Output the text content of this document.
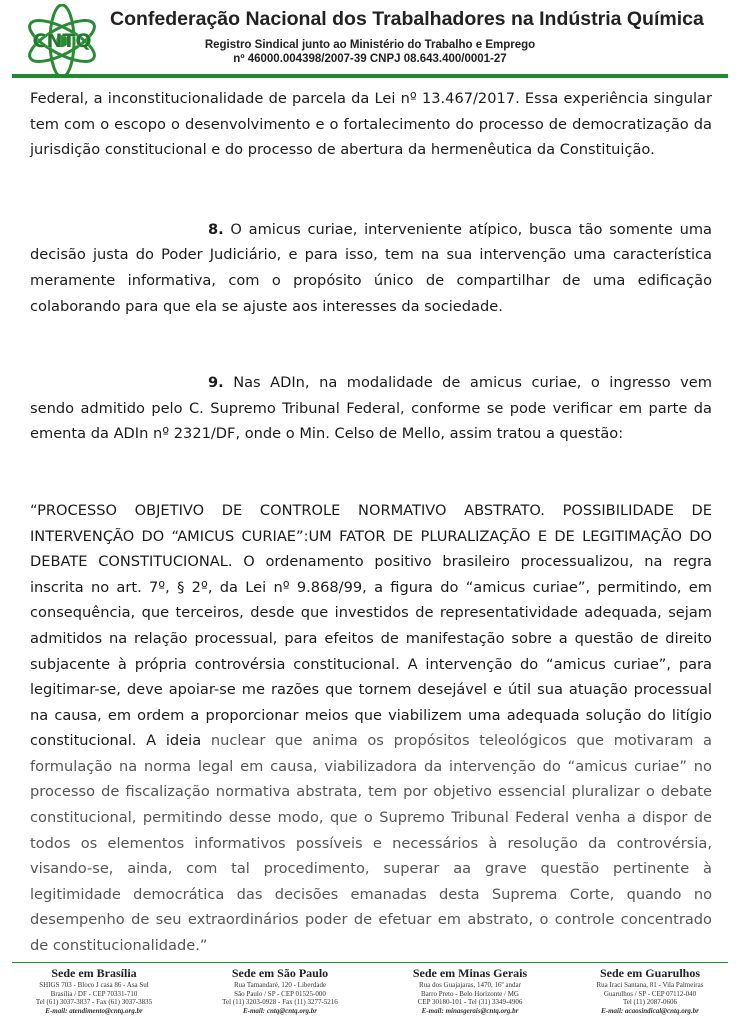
CNTQ
Confederação Nacional dos Trabalhadores na Indústria Química
Registro Sindical junto ao Ministério do Trabalho e Emprego
nº 46000.004398/2007-39 CNPJ 08.643.400/0001-27

Federal, a inconstitucionalidade de parcela da Lei nº 13.467/2017. Essa experiência singular tem com o escopo o desenvolvimento e o fortalecimento do processo de democratização da jurisdição constitucional e do processo de abertura da hermenêutica da Constituição.

8. O amicus curiae, interveniente atípico, busca tão somente uma decisão justa do Poder Judiciário, e para isso, tem na sua intervenção uma característica meramente informativa, com o propósito único de compartilhar de uma edificação colaborando para que ela se ajuste aos interesses da sociedade.

9. Nas ADIn, na modalidade de amicus curiae, o ingresso vem sendo admitido pelo C. Supremo Tribunal Federal, conforme se pode verificar em parte da ementa da ADIn nº 2321/DF, onde o Min. Celso de Mello, assim tratou a questão:

“PROCESSO OBJETIVO DE CONTROLE NORMATIVO ABSTRATO. POSSIBILIDADE DE INTERVENÇÃO DO “AMICUS CURIAE”:UM FATOR DE PLURALIZAÇÃO E DE LEGITIMAÇÃO DO DEBATE CONSTITUCIONAL. O ordenamento positivo brasileiro processualizou, na regra inscrita no art. 7º, § 2º, da Lei nº 9.868/99, a figura do “amicus curiae”, permitindo, em consequência, que terceiros, desde que investidos de representatividade adequada, sejam admitidos na relação processual, para efeitos de manifestação sobre a questão de direito subjacente à própria controvérsia constitucional. A intervenção do “amicus curiae”, para legitimar-se, deve apoiar-se me razões que tornem desejável e útil sua atuação processual na causa, em ordem a proporcionar meios que viabilizem uma adequada solução do litígio constitucional. A ideia nuclear que anima os propósitos teleológicos que motivaram a formulação na norma legal em causa, viabilizadora da intervenção do “amicus curiae” no processo de fiscalização normativa abstrata, tem por objetivo essencial pluralizar o debate constitucional, permitindo desse modo, que o Supremo Tribunal Federal venha a dispor de todos os elementos informativos possíveis e necessários à resolução da controvérsia, visando-se, ainda, com tal procedimento, superar aa grave questão pertinente à legitimidade democrática das decisões emanadas desta Suprema Corte, quando no desempenho de seu extraordinários poder de efetuar em abstrato, o controle concentrado de constitucionalidade.”

Sede em Brasília
SHIGS 703 - Bloco J casa 86 - Asa Sul
Brasília / DF - CEP 70331-710
Tel (61) 3037-3837 - Fax (61) 3037-3835
E-mail: atendimento@cntq.org.br
Sede em São Paulo
Rua Tamandaré, 120 - Liberdade
São Paulo / SP - CEP 01525-000
Tel (11) 3203-0928 - Fax (11) 3277-5216
E-mail: cntq@cntq.org.br
Sede em Minas Gerais
Rua dos Guajajaras, 1470, 16º andar
Barro Preto - Belo Horizonte / MG
CEP 30180-101 - Tel (31) 3349-4906
E-mail: minasgerais@cntq.org.br
Sede em Guarulhos
Rua Iraci Santana, 81 - Vila Palmeiras
Guarulhos / SP - CEP 07112-040
Tel (11) 2087-0606
E-mail: acaosindical@cntq.org.br
